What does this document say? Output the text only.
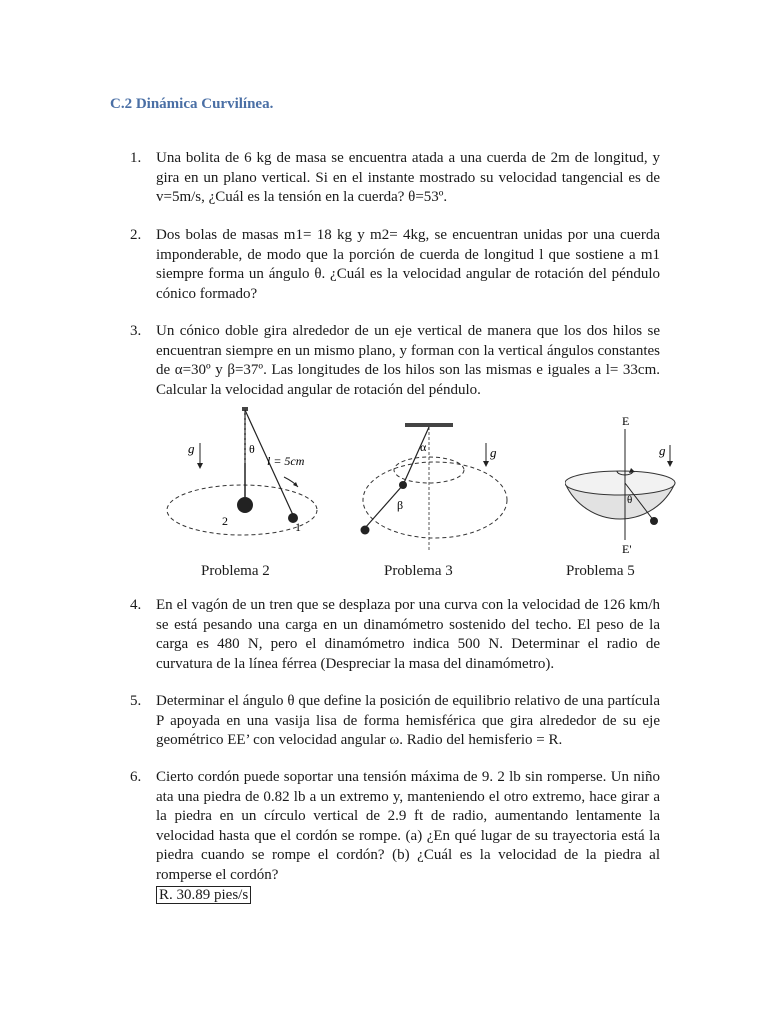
C.2 Dinámica Curvilínea.
1. Una bolita de 6 kg de masa se encuentra atada a una cuerda de 2m de longitud, y gira en un plano vertical. Si en el instante mostrado su velocidad tangencial es de v=5m/s, ¿Cuál es la tensión en la cuerda? θ=53º.
2. Dos bolas de masas m1= 18 kg y m2= 4kg, se encuentran unidas por una cuerda imponderable, de modo que la porción de cuerda de longitud l que sostiene a m1 siempre forma un ángulo θ. ¿Cuál es la velocidad angular de rotación del péndulo cónico formado?
3. Un cónico doble gira alrededor de un eje vertical de manera que los dos hilos se encuentran siempre en un mismo plano, y forman con la vertical ángulos constantes de α=30º y β=37º. Las longitudes de los hilos son las mismas e iguales a l= 33cm. Calcular la velocidad angular de rotación del péndulo.
g	θ
l = 5cm
2	1
α
β
g
E
E'
θ
g
Problema 2	Problema 3	Problema 5
4. En el vagón de un tren que se desplaza por una curva con la velocidad de 126 km/h se está pesando una carga en un dinamómetro sostenido del techo. El peso de la carga es 480 N, pero el dinamómetro indica 500 N. Determinar el radio de curvatura de la línea férrea (Despreciar la masa del dinamómetro).
5. Determinar el ángulo θ que define la posición de equilibrio relativo de una partícula P apoyada en una vasija lisa de forma hemisférica que gira alrededor de su eje geométrico EE’ con velocidad angular ω. Radio del hemisferio = R.
6. Cierto cordón puede soportar una tensión máxima de 9. 2 lb sin romperse. Un niño ata una piedra de 0.82 lb a un extremo y, manteniendo el otro extremo, hace girar a la piedra en un círculo vertical de 2.9 ft de radio, aumentando lentamente la velocidad hasta que el cordón se rompe. (a) ¿En qué lugar de su trayectoria está la piedra cuando se rompe el cordón? (b) ¿Cuál es la velocidad de la piedra al romperse el cordón?
R. 30.89 pies/s
